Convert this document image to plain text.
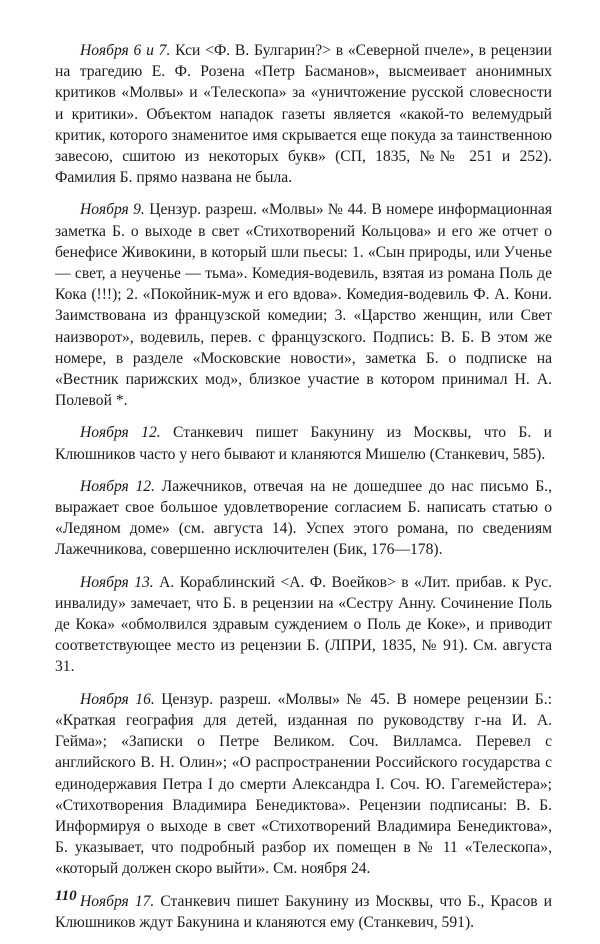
Ноября 6 и 7. Кси <Ф. В. Булгарин?> в «Северной пчеле», в рецензии на трагедию Е. Ф. Розена «Петр Басманов», высмеивает анонимных критиков «Молвы» и «Телескопа» за «уничтожение русской словесности и критики». Объектом нападок газеты является «какой-то велемудрый критик, которого знаменитое имя скрывается еще покуда за таинственною завесою, сшитою из некоторых букв» (СП, 1835, №№ 251 и 252). Фамилия Б. прямо названа не была.

Ноября 9. Цензур. разреш. «Молвы» № 44. В номере информационная заметка Б. о выходе в свет «Стихотворений Кольцова» и его же отчет о бенефисе Живокини, в который шли пьесы: 1. «Сын природы, или Ученье — свет, а неученье — тьма». Комедия-водевиль, взятая из романа Поль де Кока (!!!); 2. «Покойник-муж и его вдова». Комедия-водевиль Ф. А. Кони. Заимствована из французской комедии; 3. «Царство женщин, или Свет наизворот», водевиль, перев. с французского. Подпись: В. Б. В этом же номере, в разделе «Московские новости», заметка Б. о подписке на «Вестник парижских мод», близкое участие в котором принимал Н. А. Полевой *.

Ноября 12. Станкевич пишет Бакунину из Москвы, что Б. и Клюшников часто у него бывают и кланяются Мишелю (Станкевич, 585).

Ноября 12. Лажечников, отвечая на не дошедшее до нас письмо Б., выражает свое большое удовлетворение согласием Б. написать статью о «Ледяном доме» (см. августа 14). Успех этого романа, по сведениям Лажечникова, совершенно исключителен (Бик, 176—178).

Ноября 13. А. Кораблинский <А. Ф. Воейков> в «Лит. прибав. к Рус. инвалиду» замечает, что Б. в рецензии на «Сестру Анну. Сочинение Поль де Кока» «обмолвился здравым суждением о Поль де Коке», и приводит соответствующее место из рецензии Б. (ЛПРИ, 1835, № 91). См. августа 31.

Ноября 16. Цензур. разреш. «Молвы» № 45. В номере рецензии Б.: «Краткая география для детей, изданная по руководству г-на И. А. Гейма»; «Записки о Петре Великом. Соч. Вилламса. Перевел с английского В. Н. Олин»; «О распространении Российского государства с единодержавия Петра I до смерти Александра I. Соч. Ю. Гагемейстера»; «Стихотворения Владимира Бенедиктова». Рецензии подписаны: В. Б. Информируя о выходе в свет «Стихотворений Владимира Бенедиктова», Б. указывает, что подробный разбор их помещен в № 11 «Телескопа», «который должен скоро выйти». См. ноября 24.

Ноября 17. Станкевич пишет Бакунину из Москвы, что Б., Красов и Клюшников ждут Бакунина и кланяются ему (Станкевич, 591).

110
